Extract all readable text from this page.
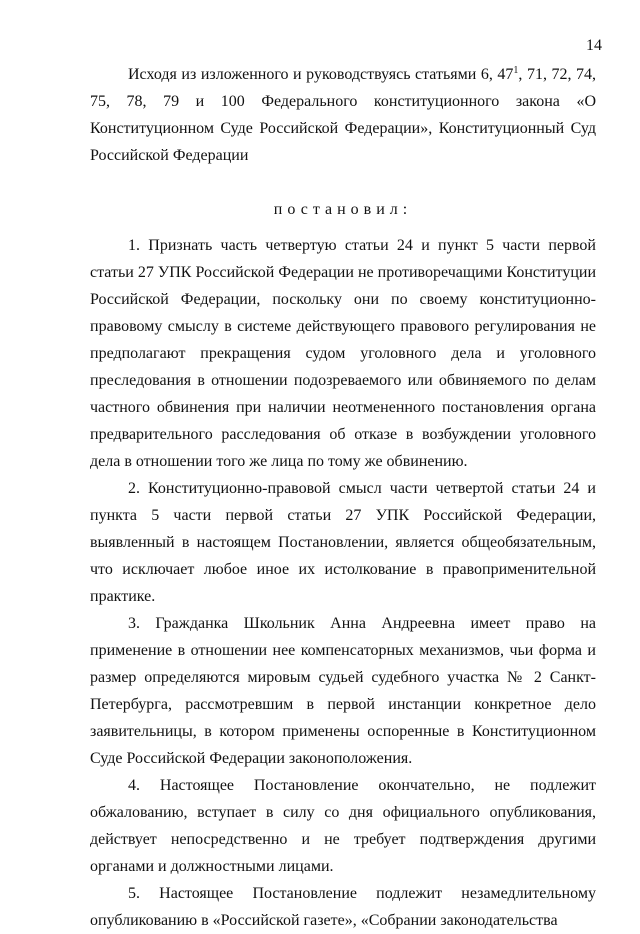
14

Исходя из изложенного и руководствуясь статьями 6, $47^1$, 71, 72, 74, 75, 78, 79 и 100 Федерального конституционного закона «О Конституционном Суде Российской Федерации», Конституционный Суд Российской Федерации

постановил:

1. Признать часть четвертую статьи 24 и пункт 5 части первой статьи 27 УПК Российской Федерации не противоречащими Конституции Российской Федерации, поскольку они по своему конституционно-правовому смыслу в системе действующего правового регулирования не предполагают прекращения судом уголовного дела и уголовного преследования в отношении подозреваемого или обвиняемого по делам частного обвинения при наличии неотмененного постановления органа предварительного расследования об отказе в возбуждении уголовного дела в отношении того же лица по тому же обвинению.

2. Конституционно-правовой смысл части четвертой статьи 24 и пункта 5 части первой статьи 27 УПК Российской Федерации, выявленный в настоящем Постановлении, является общеобязательным, что исключает любое иное их истолкование в правоприменительной практике.

3. Гражданка Школьник Анна Андреевна имеет право на применение в отношении нее компенсаторных механизмов, чьи форма и размер определяются мировым судьей судебного участка № 2 Санкт-Петербурга, рассмотревшим в первой инстанции конкретное дело заявительницы, в котором применены оспоренные в Конституционном Суде Российской Федерации законоположения.

4. Настоящее Постановление окончательно, не подлежит обжалованию, вступает в силу со дня официального опубликования, действует непосредственно и не требует подтверждения другими органами и должностными лицами.

5. Настоящее Постановление подлежит незамедлительному опубликованию в «Российской газете», «Собрании законодательства
